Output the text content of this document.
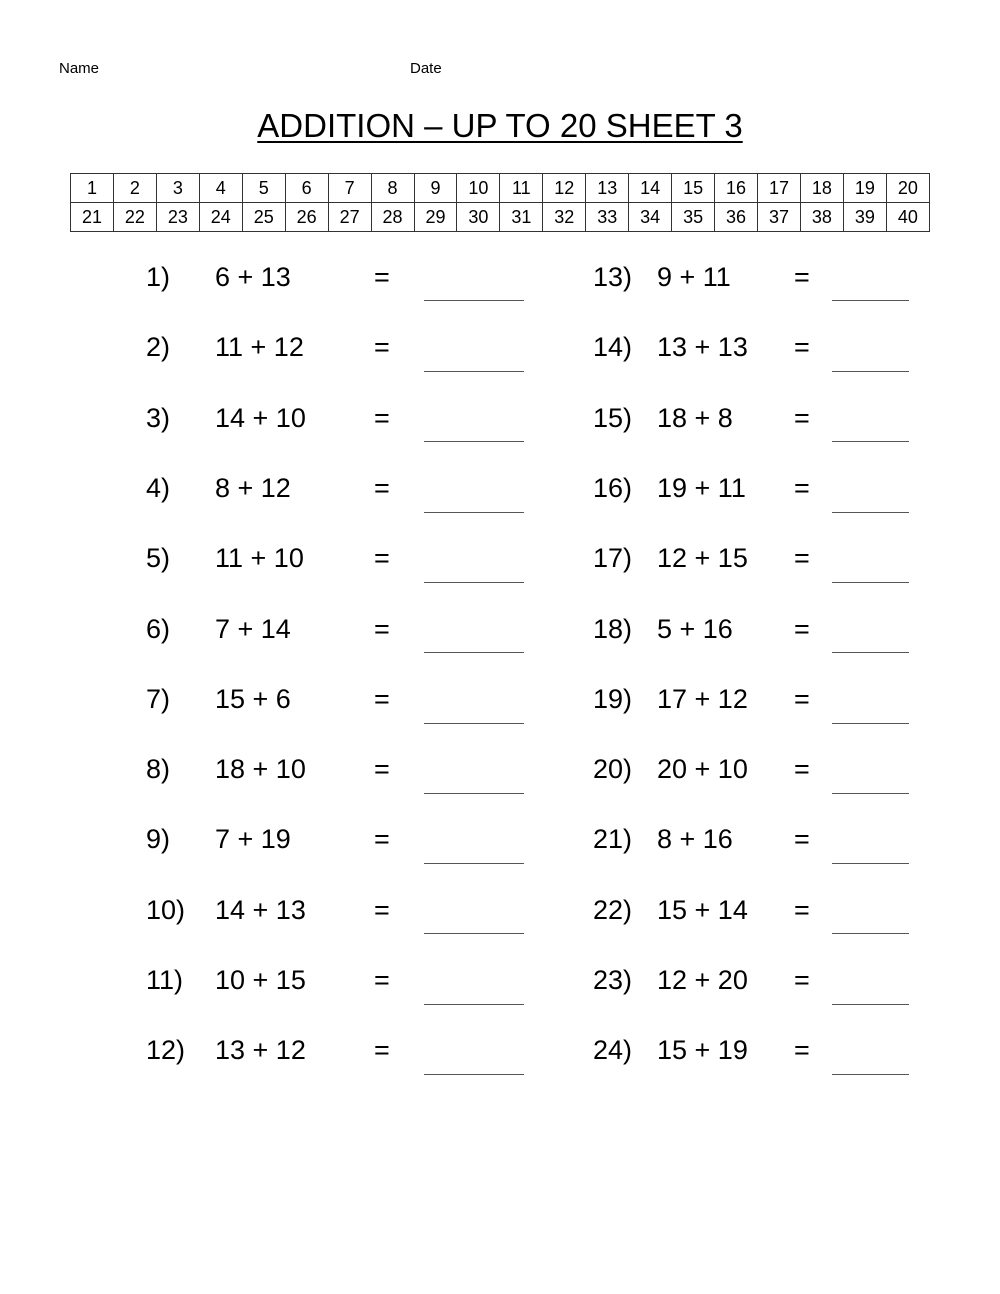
Name	Date
ADDITION – UP TO 20 SHEET 3
1	2	3	4	5	6	7	8	9	10	11	12	13	14	15	16	17	18	19	20
21	22	23	24	25	26	27	28	29	30	31	32	33	34	35	36	37	38	39	40
1) 6 + 13	=
2) 11 + 12	=
3) 14 + 10	=
4) 8 + 12	=
5) 11 + 10	=
6) 7 + 14	=
7) 15 + 6	=
8) 18 + 10	=
9) 7 + 19	=
10) 14 + 13	=
11) 10 + 15	=
12) 13 + 12	=
13) 9 + 11 =
14) 13 + 13 =
15) 18 + 8 =
16) 19 + 11 =
17) 12 + 15 =
18) 5 + 16 =
19) 17 + 12 =
20) 20 + 10 =
21) 8 + 16 =
22) 15 + 14 =
23) 12 + 20 =
24) 15 + 19 =
